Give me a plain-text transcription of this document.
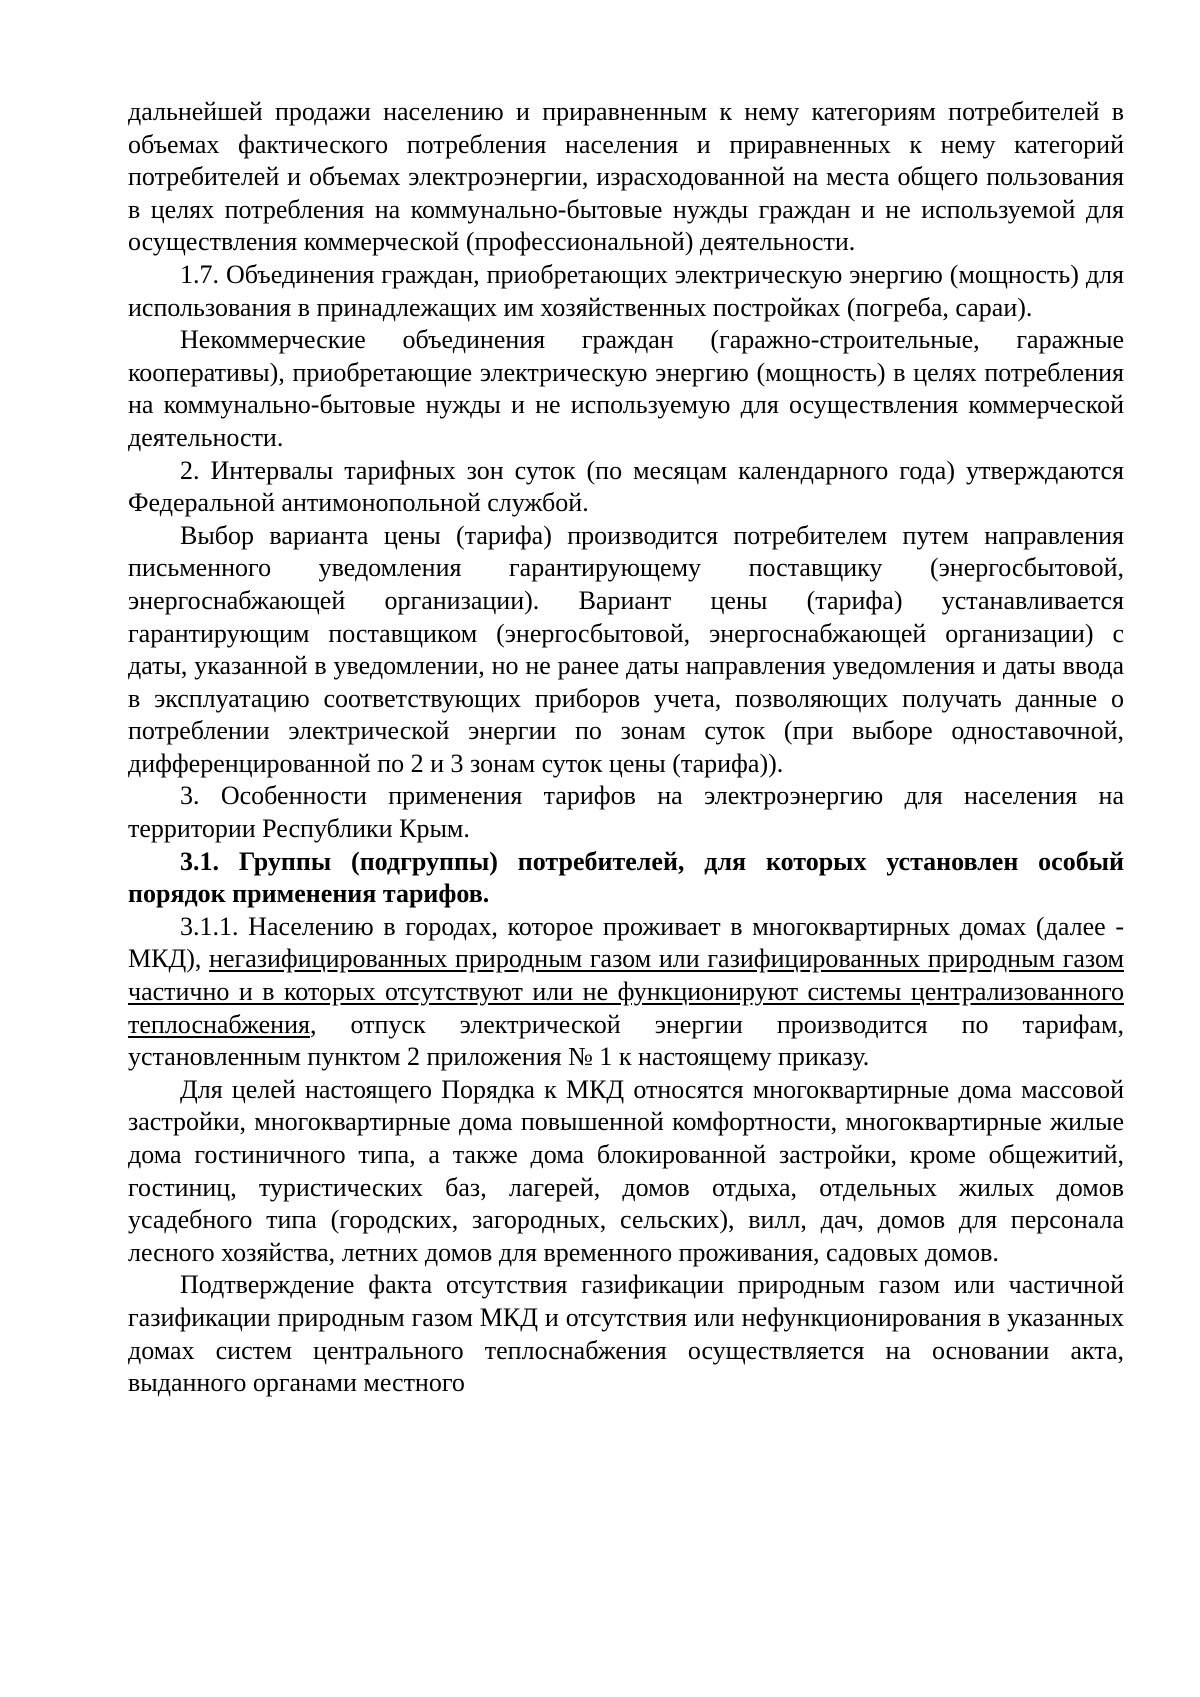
дальнейшей продажи населению и приравненным к нему категориям потребителей в объемах фактического потребления населения и приравненных к нему категорий потребителей и объемах электроэнергии, израсходованной на места общего пользования в целях потребления на коммунально-бытовые нужды граждан и не используемой для осуществления коммерческой (профессиональной) деятельности.

1.7. Объединения граждан, приобретающих электрическую энергию (мощность) для использования в принадлежащих им хозяйственных постройках (погреба, сараи).

Некоммерческие объединения граждан (гаражно-строительные, гаражные кооперативы), приобретающие электрическую энергию (мощность) в целях потребления на коммунально-бытовые нужды и не используемую для осуществления коммерческой деятельности.

2. Интервалы тарифных зон суток (по месяцам календарного года) утверждаются Федеральной антимонопольной службой.

Выбор варианта цены (тарифа) производится потребителем путем направления письменного уведомления гарантирующему поставщику (энергосбытовой, энергоснабжающей организации). Вариант цены (тарифа) устанавливается гарантирующим поставщиком (энергосбытовой, энергоснабжающей организации) с даты, указанной в уведомлении, но не ранее даты направления уведомления и даты ввода в эксплуатацию соответствующих приборов учета, позволяющих получать данные о потреблении электрической энергии по зонам суток (при выборе одноставочной, дифференцированной по 2 и 3 зонам суток цены (тарифа)).

3. Особенности применения тарифов на электроэнергию для населения на территории Республики Крым.

3.1. Группы (подгруппы) потребителей, для которых установлен особый порядок применения тарифов.

3.1.1. Населению в городах, которое проживает в многоквартирных домах (далее - МКД), негазифицированных природным газом или газифицированных природным газом частично и в которых отсутствуют или не функционируют системы централизованного теплоснабжения, отпуск электрической энергии производится по тарифам, установленным пунктом 2 приложения № 1 к настоящему приказу.

Для целей настоящего Порядка к МКД относятся многоквартирные дома массовой застройки, многоквартирные дома повышенной комфортности, многоквартирные жилые дома гостиничного типа, а также дома блокированной застройки, кроме общежитий, гостиниц, туристических баз, лагерей, домов отдыха, отдельных жилых домов усадебного типа (городских, загородных, сельских), вилл, дач, домов для персонала лесного хозяйства, летних домов для временного проживания, садовых домов.

Подтверждение факта отсутствия газификации природным газом или частичной газификации природным газом МКД и отсутствия или нефункционирования в указанных домах систем центрального теплоснабжения осуществляется на основании акта, выданного органами местного
